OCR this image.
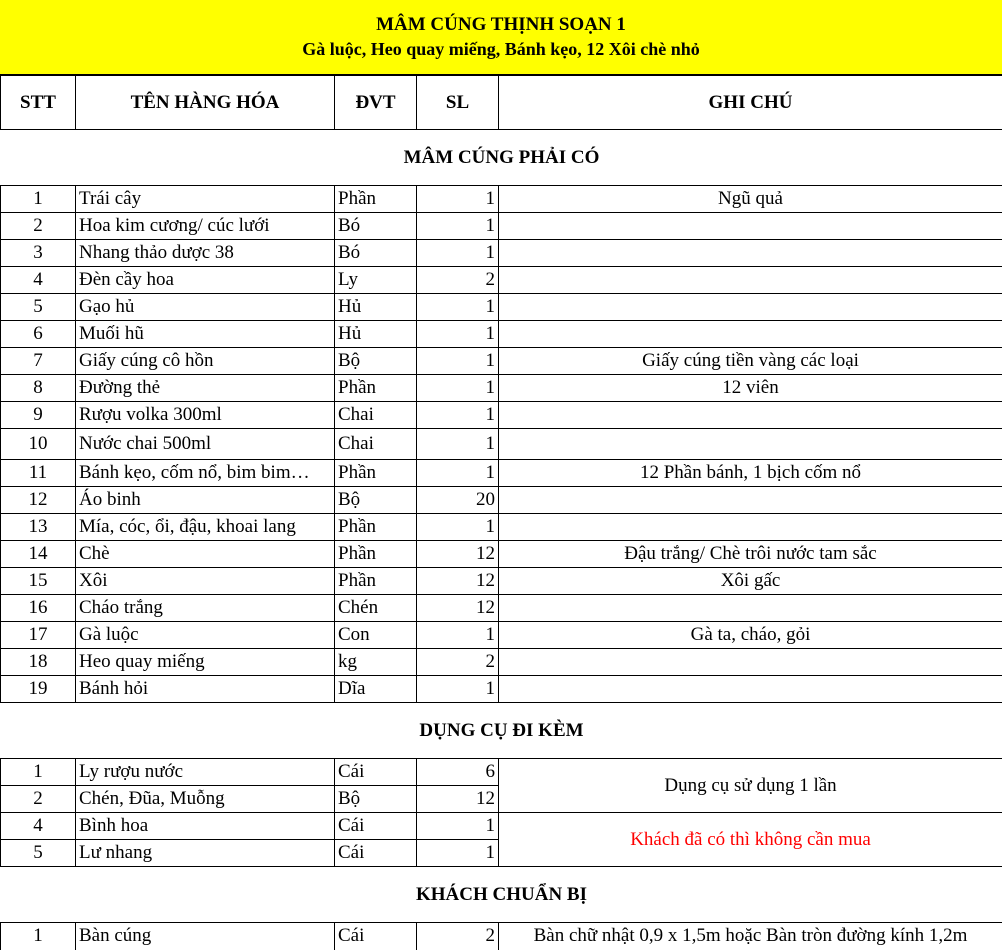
MÂM CÚNG THỊNH SOẠN 1
Gà luộc, Heo quay miếng, Bánh kẹo, 12 Xôi chè nhỏ
STT	TÊN HÀNG HÓA	ĐVT	SL	GHI CHÚ
MÂM CÚNG PHẢI CÓ				
1	Trái cây	Phần	1	Ngũ quả
2	Hoa kim cương/ cúc lưới	Bó	1	
3	Nhang thảo dược 38	Bó	1	
4	Đèn cầy hoa	Ly	2	
5	Gạo hủ	Hủ	1	
6	Muối hũ	Hủ	1	
7	Giấy cúng cô hồn	Bộ	1	Giấy cúng tiền vàng các loại
8	Đường thẻ	Phần	1	12 viên
9	Rượu volka 300ml	Chai	1	
10	Nước chai 500ml	Chai	1	
11	Bánh kẹo, cốm nổ, bim bim…	Phần	1	12 Phần bánh, 1 bịch cốm nổ
12	Áo binh	Bộ	20	
13	Mía, cóc, ổi, đậu, khoai lang	Phần	1	
14	Chè	Phần	12	Đậu trắng/ Chè trôi nước tam sắc
15	Xôi	Phần	12	Xôi gấc
16	Cháo trắng	Chén	12	
17	Gà luộc	Con	1	Gà ta, cháo, gỏi
18	Heo quay miếng	kg	2	
19	Bánh hỏi	Dĩa	1	
DỤNG CỤ ĐI KÈM				
1	Ly rượu nước	Cái	6	Dụng cụ sử dụng 1 lần
2	Chén, Đũa, Muỗng	Bộ	12	
4	Bình hoa	Cái	1	Khách đã có thì không cần mua
5	Lư nhang	Cái	1	
KHÁCH CHUẨN BỊ				
1	Bàn cúng	Cái	2	Bàn chữ nhật 0,9 x 1,5m hoặc Bàn tròn đường kính 1,2m
